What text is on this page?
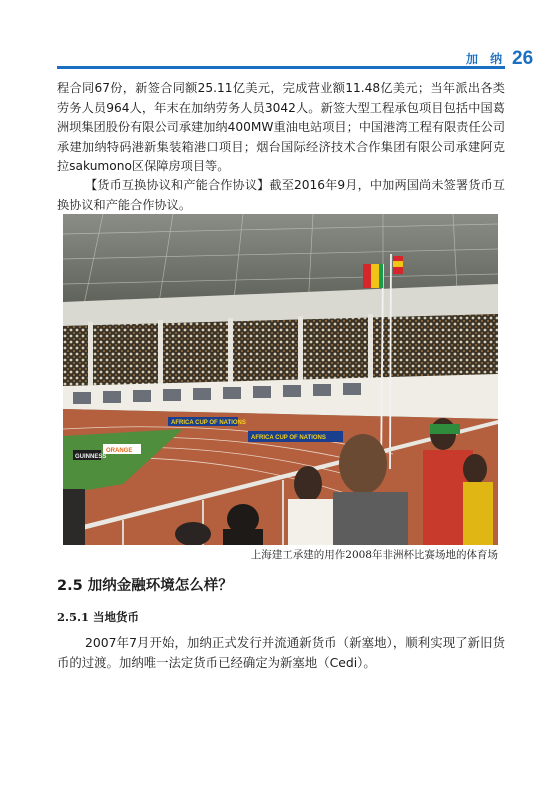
加 纳 26

程合同67份，新签合同额25.11亿美元，完成营业额11.48亿美元；当年派出各类劳务人员964人，年末在加纳劳务人员3042人。新签大型工程承包项目包括中国葛洲坝集团股份有限公司承建加纳400MW重油电站项目；中国港湾工程有限责任公司承建加纳特码港新集装箱港口项目；烟台国际经济技术合作集团有限公司承建阿克拉sakumono区保障房项目等。

【货币互换协议和产能合作协议】截至2016年9月，中加两国尚未签署货币互换协议和产能合作协议。

AFRICA CUP OF NATIONS
AFRICA CUP OF NATIONS
ORANGE
GUINNESS
上海建工承建的用作2008年非洲杯比赛场地的体育场
2.5 加纳金融环境怎么样？
2.5.1 当地货币

2007年7月开始，加纳正式发行并流通新货币（新塞地），顺利实现了新旧货币的过渡。加纳唯一法定货币已经确定为新塞地（Cedi）。
